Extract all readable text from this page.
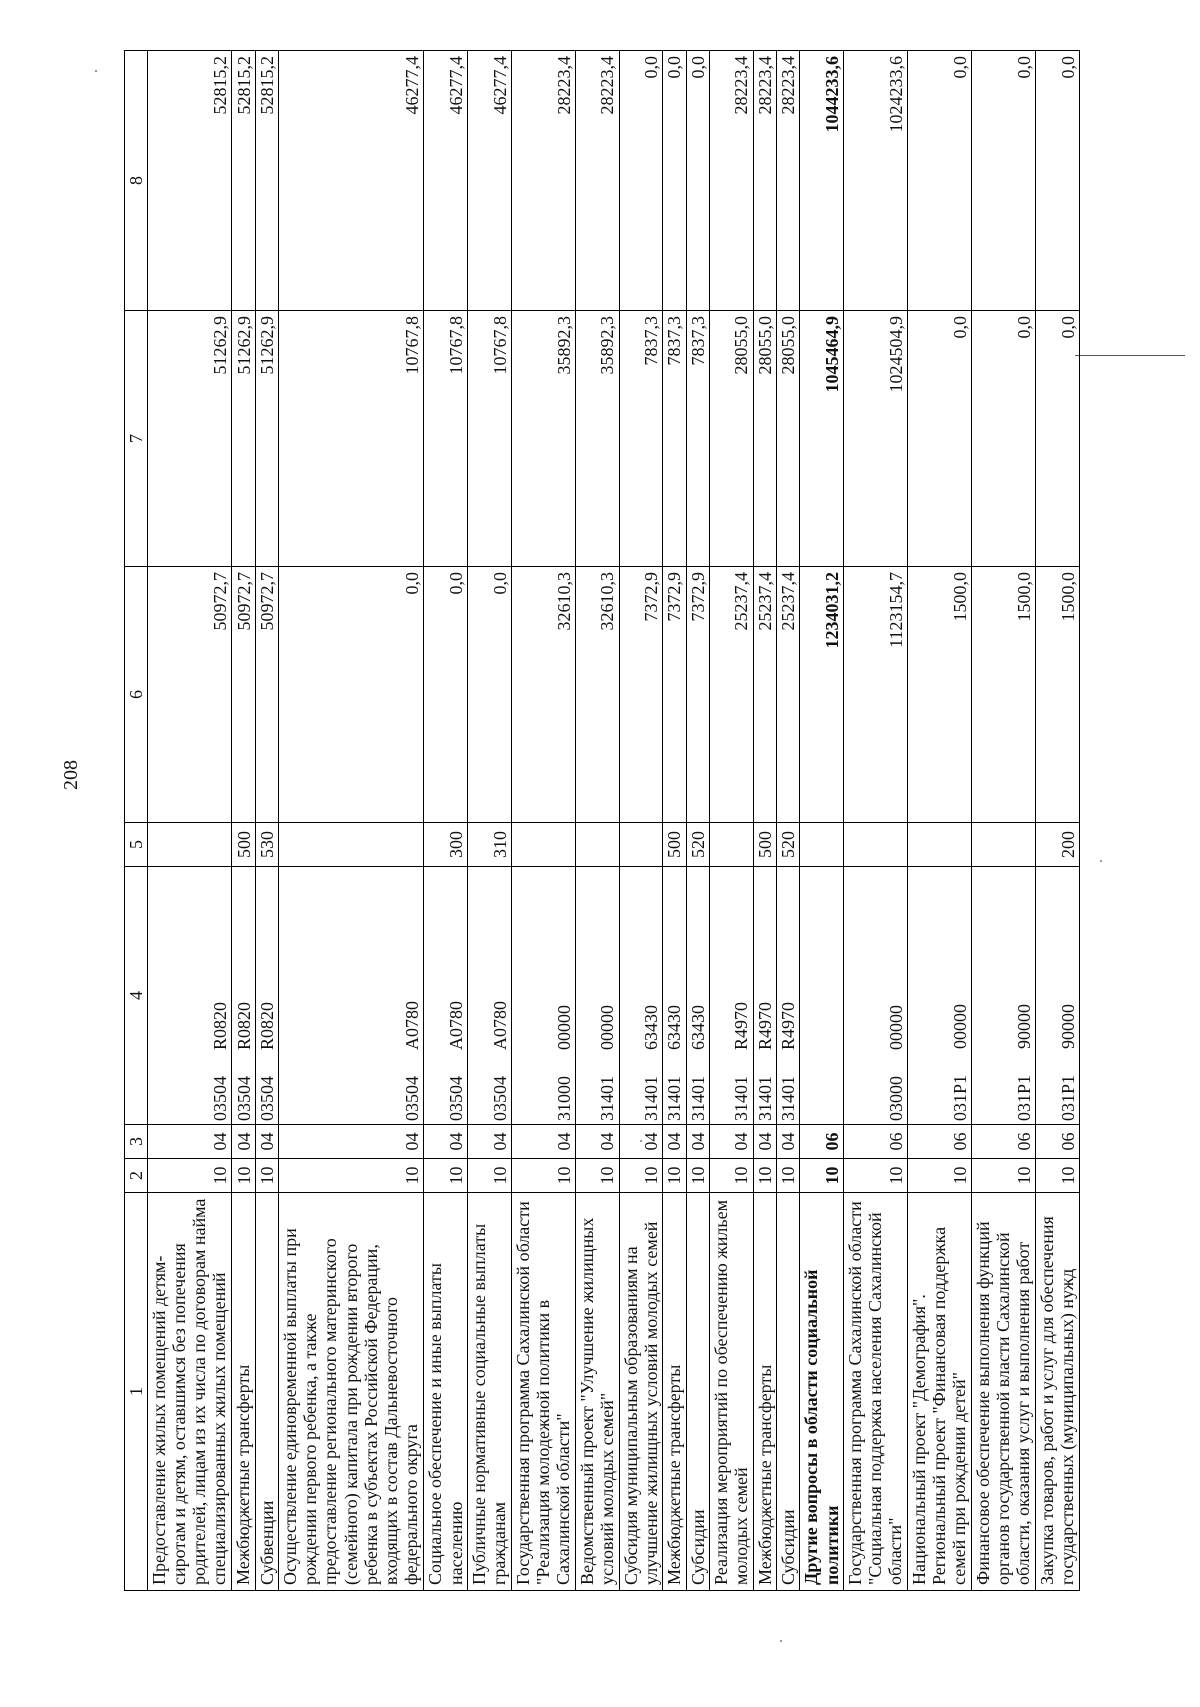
208
1	2	3	4	5	6	7	8
Предоставление жилых помещений детям-сиротам и детям, оставшимся без попечения родителей, лицам из их числа по договорам найма специализированных жилых помещений	10	04	03504R0820		50972,7	51262,9	52815,2
Межбюджетные трансферты	10	04	03504R0820	500	50972,7	51262,9	52815,2
Субвенции	10	04	03504R0820	530	50972,7	51262,9	52815,2
Осуществление единовременной выплаты при рождении первого ребенка, а также предоставление регионального материнского (семейного) капитала при рождении второго ребенка в субъектах Российской Федерации, входящих в состав Дальневосточного федерального округа	10	04	03504A0780		0,0	10767,8	46277,4
Социальное обеспечение и иные выплаты населению	10	04	03504A0780	300	0,0	10767,8	46277,4
Публичные нормативные социальные выплаты гражданам	10	04	03504A0780	310	0,0	10767,8	46277,4
Государственная программа Сахалинской области "Реализация молодежной политики в Сахалинской области"	10	04	3100000000		32610,3	35892,3	28223,4
Ведомственный проект "Улучшение жилищных условий молодых семей"	10	04	3140100000		32610,3	35892,3	28223,4
Субсидия муниципальным образованиям на улучшение жилищных условий молодых семей	10	04	3140163430		7372,9	7837,3	0,0
Межбюджетные трансферты	10	04	3140163430	500	7372,9	7837,3	0,0
Субсидии	10	04	3140163430	520	7372,9	7837,3	0,0
Реализация мероприятий по обеспечению жильем молодых семей	10	04	31401R4970		25237,4	28055,0	28223,4
Межбюджетные трансферты	10	04	31401R4970	500	25237,4	28055,0	28223,4
Субсидии	10	04	31401R4970	520	25237,4	28055,0	28223,4
Другие вопросы в области социальной политики	10	06			1234031,2	1045464,9	1044233,6
Государственная программа Сахалинской области "Социальная поддержка населения Сахалинской области"	10	06	0300000000		1123154,7	1024504,9	1024233,6
Национальный проект "Демография". Региональный проект "Финансовая поддержка семей при рождении детей"	10	06	031P100000		1500,0	0,0	0,0
Финансовое обеспечение выполнения функций органов государственной власти Сахалинской области, оказания услуг и выполнения работ	10	06	031P190000		1500,0	0,0	0,0
Закупка товаров, работ и услуг для обеспечения государственных (муниципальных) нужд	10	06	031P190000	200	1500,0	0,0	0,0
